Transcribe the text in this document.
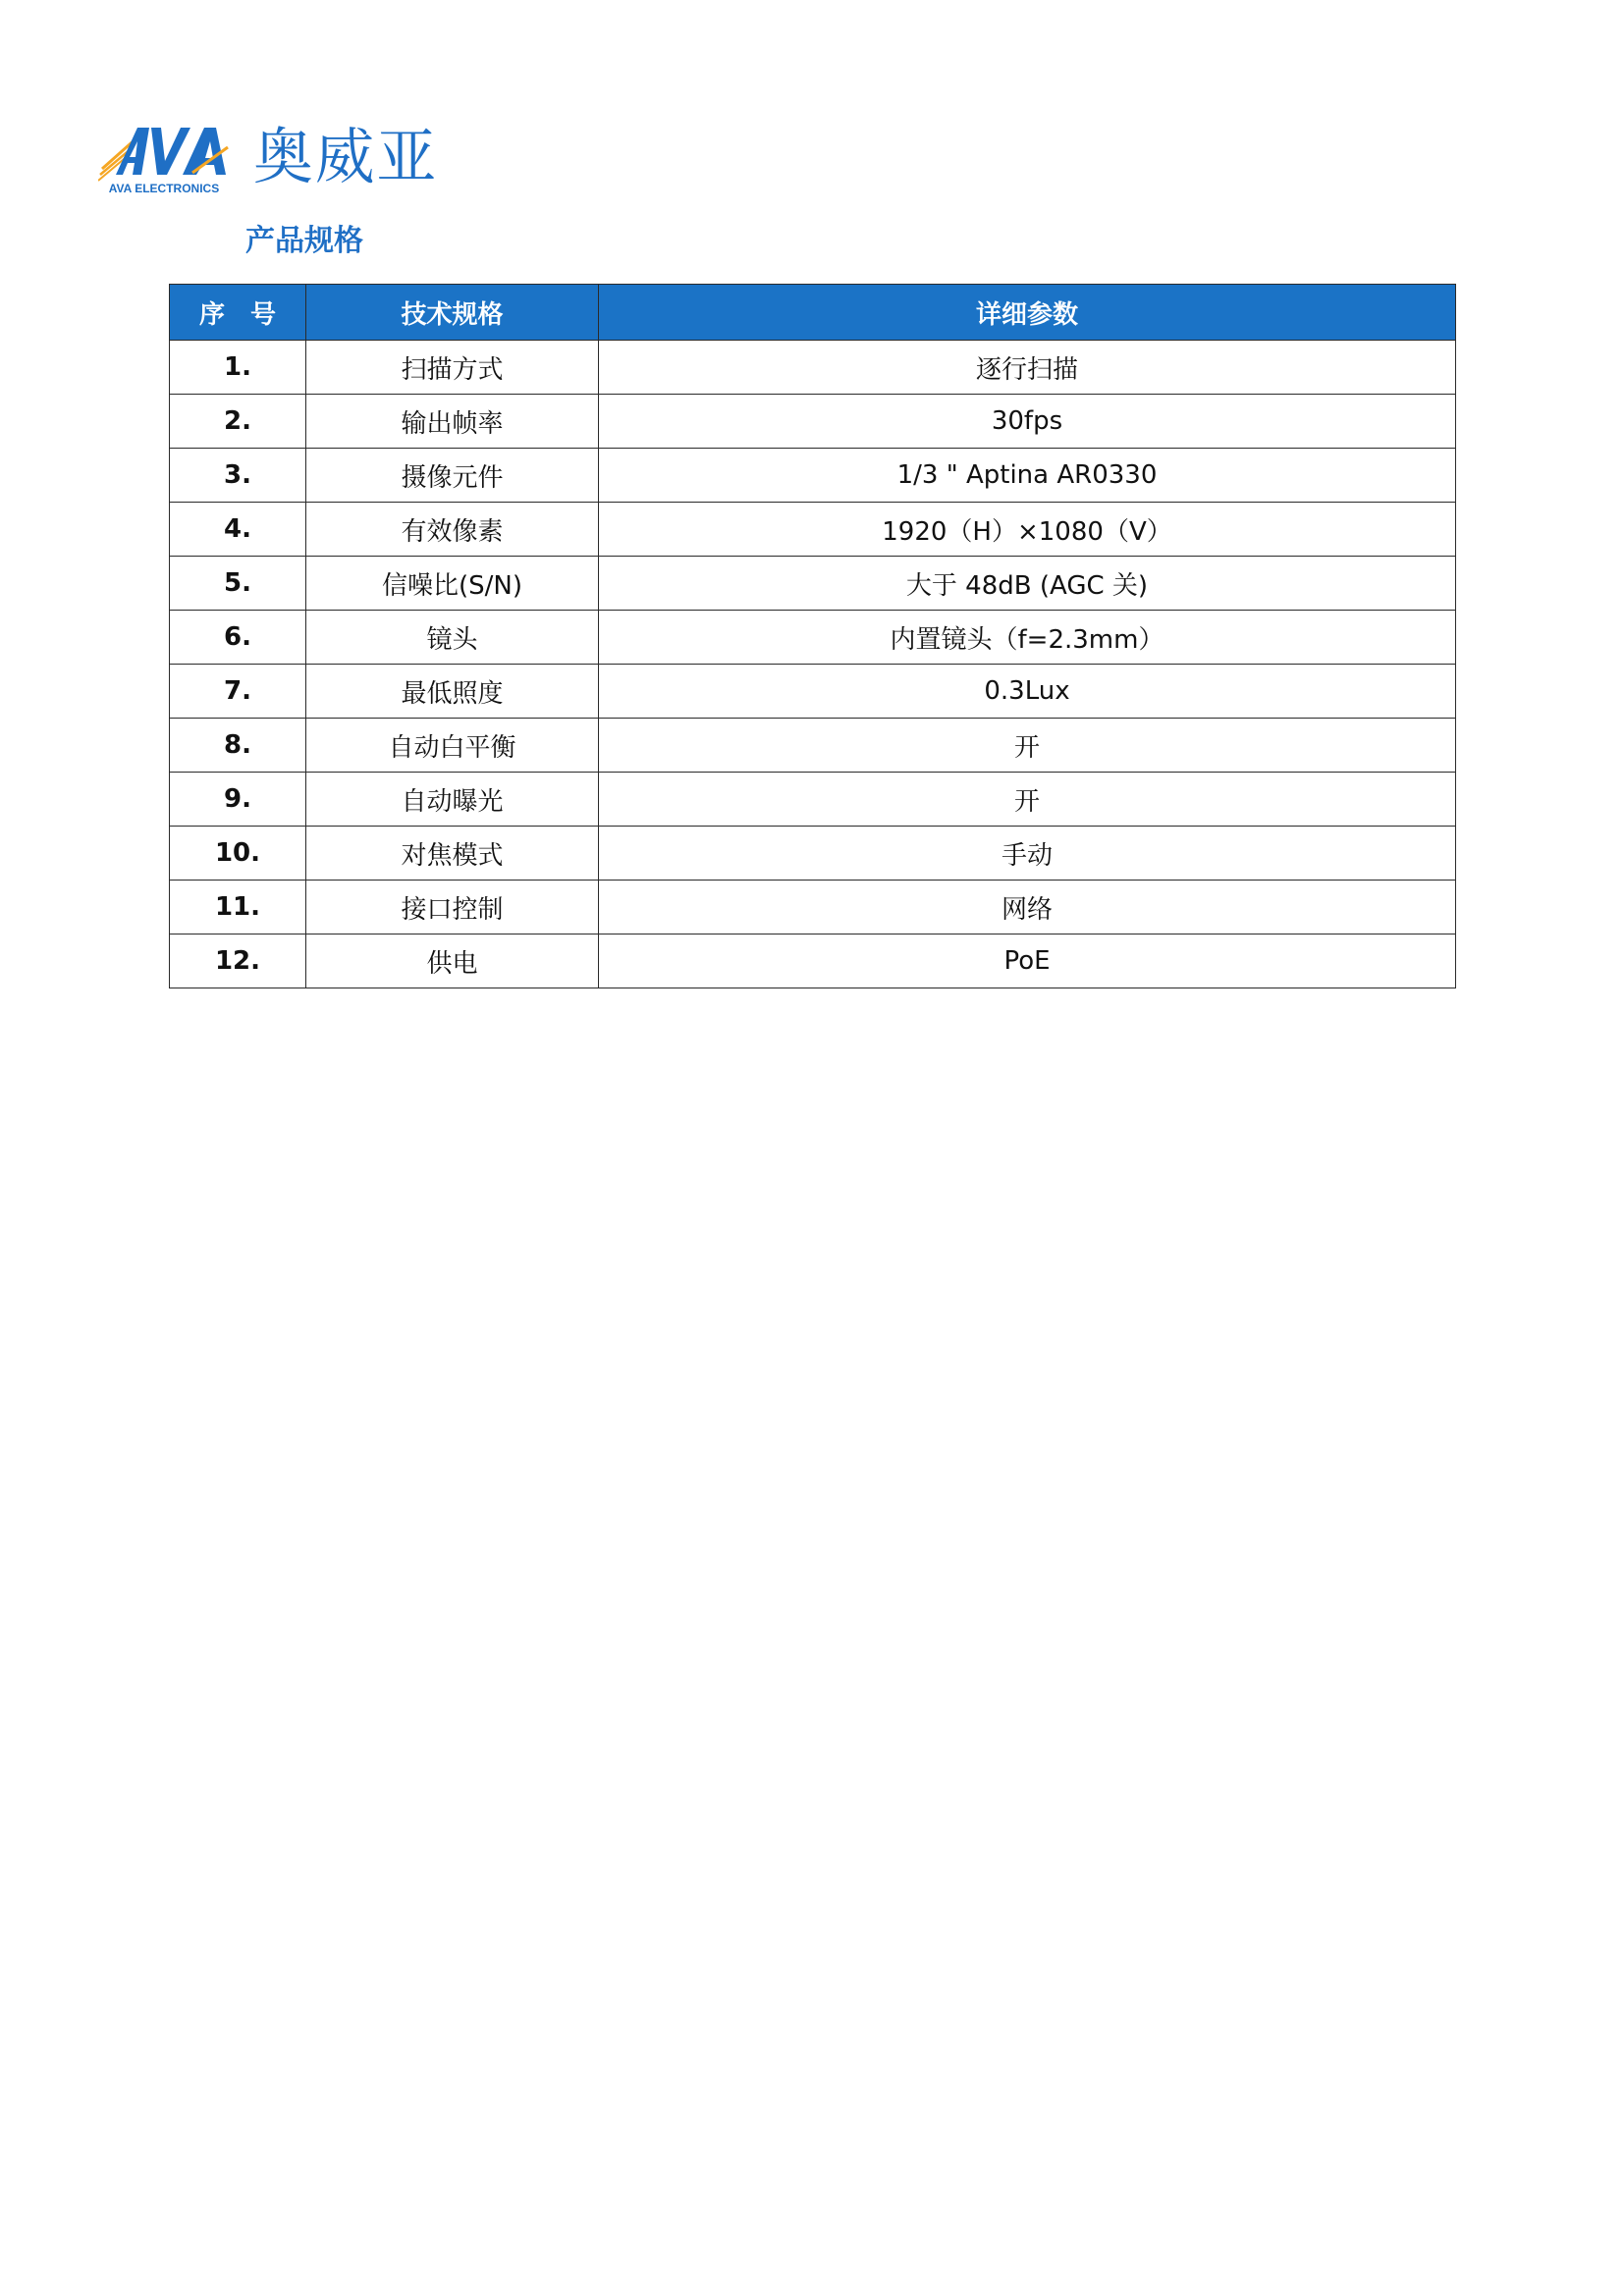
AVA ELECTRONICS 奥威亚
产品规格
序　号	技术规格	详细参数
1.	扫描方式	逐行扫描
2.	输出帧率	30fps
3.	摄像元件	1/3 " Aptina AR0330
4.	有效像素	1920（H）×1080（V）
5.	信噪比(S/N)	大于 48dB (AGC 关)
6.	镜头	内置镜头（f=2.3mm）
7.	最低照度	0.3Lux
8.	自动白平衡	开
9.	自动曝光	开
10.	对焦模式	手动
11.	接口控制	网络
12.	供电	PoE
